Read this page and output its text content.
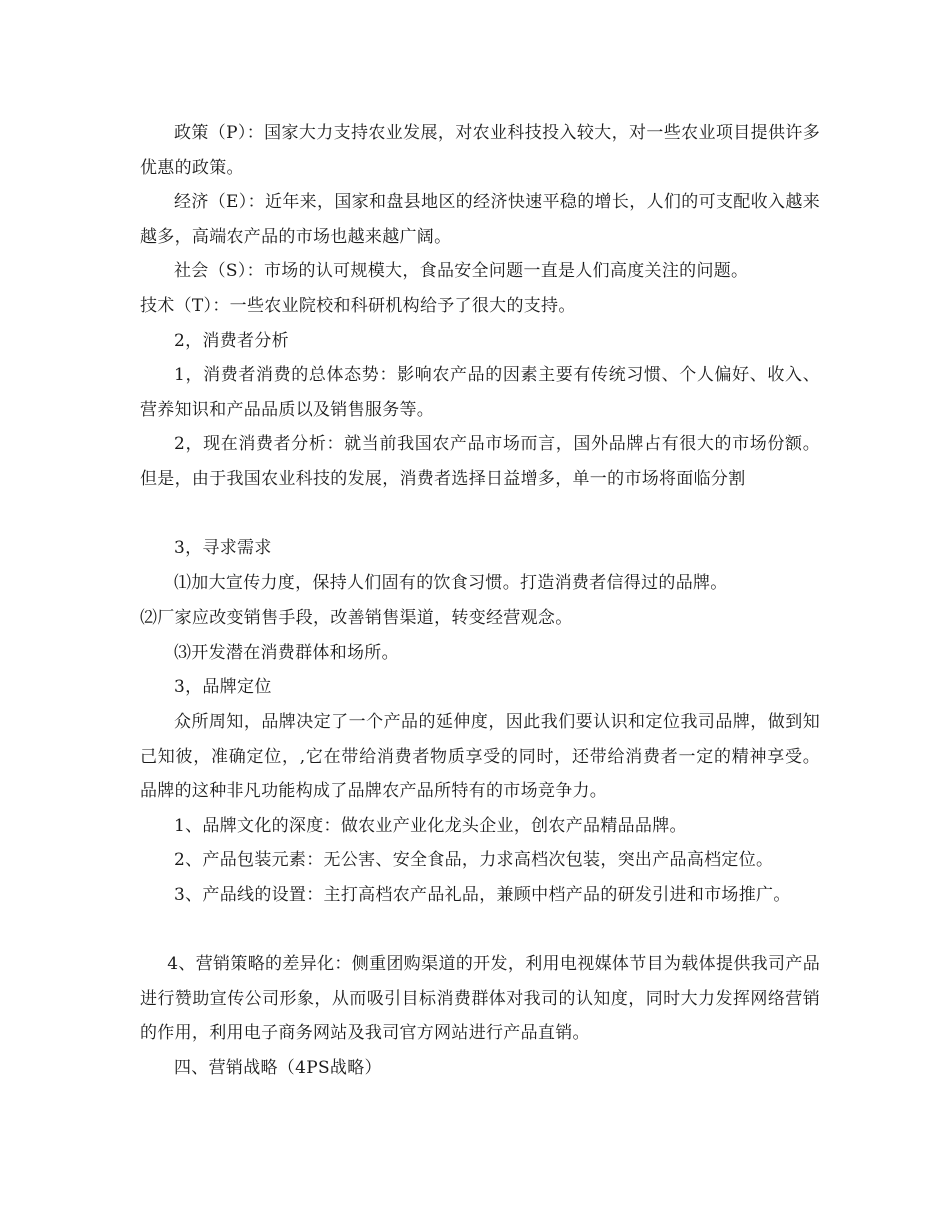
政策（P）：国家大力支持农业发展，对农业科技投入较大，对一些农业项目提供许多优惠的政策。

经济（E）：近年来，国家和盘县地区的经济快速平稳的增长，人们的可支配收入越来越多，高端农产品的市场也越来越广阔。

社会（S）：市场的认可规模大，食品安全问题一直是人们高度关注的问题。

技术（T）：一些农业院校和科研机构给予了很大的支持。

2，消费者分析

1，消费者消费的总体态势：影响农产品的因素主要有传统习惯、个人偏好、收入、营养知识和产品品质以及销售服务等。

2，现在消费者分析：就当前我国农产品市场而言，国外品牌占有很大的市场份额。但是，由于我国农业科技的发展，消费者选择日益增多，单一的市场将面临分割

3，寻求需求

⑴加大宣传力度，保持人们固有的饮食习惯。打造消费者信得过的品牌。

⑵厂家应改变销售手段，改善销售渠道，转变经营观念。

⑶开发潜在消费群体和场所。

3，品牌定位

众所周知，品牌决定了一个产品的延伸度，因此我们要认识和定位我司品牌，做到知己知彼，准确定位，,它在带给消费者物质享受的同时，还带给消费者一定的精神享受。品牌的这种非凡功能构成了品牌农产品所特有的市场竞争力。

1、品牌文化的深度：做农业产业化龙头企业，创农产品精品品牌。

2、产品包装元素：无公害、安全食品，力求高档次包装，突出产品高档定位。

3、产品线的设置：主打高档农产品礼品，兼顾中档产品的研发引进和市场推广。

4、营销策略的差异化：侧重团购渠道的开发，利用电视媒体节目为载体提供我司产品进行赞助宣传公司形象，从而吸引目标消费群体对我司的认知度，同时大力发挥网络营销的作用，利用电子商务网站及我司官方网站进行产品直销。

四、营销战略（4PS战略）
